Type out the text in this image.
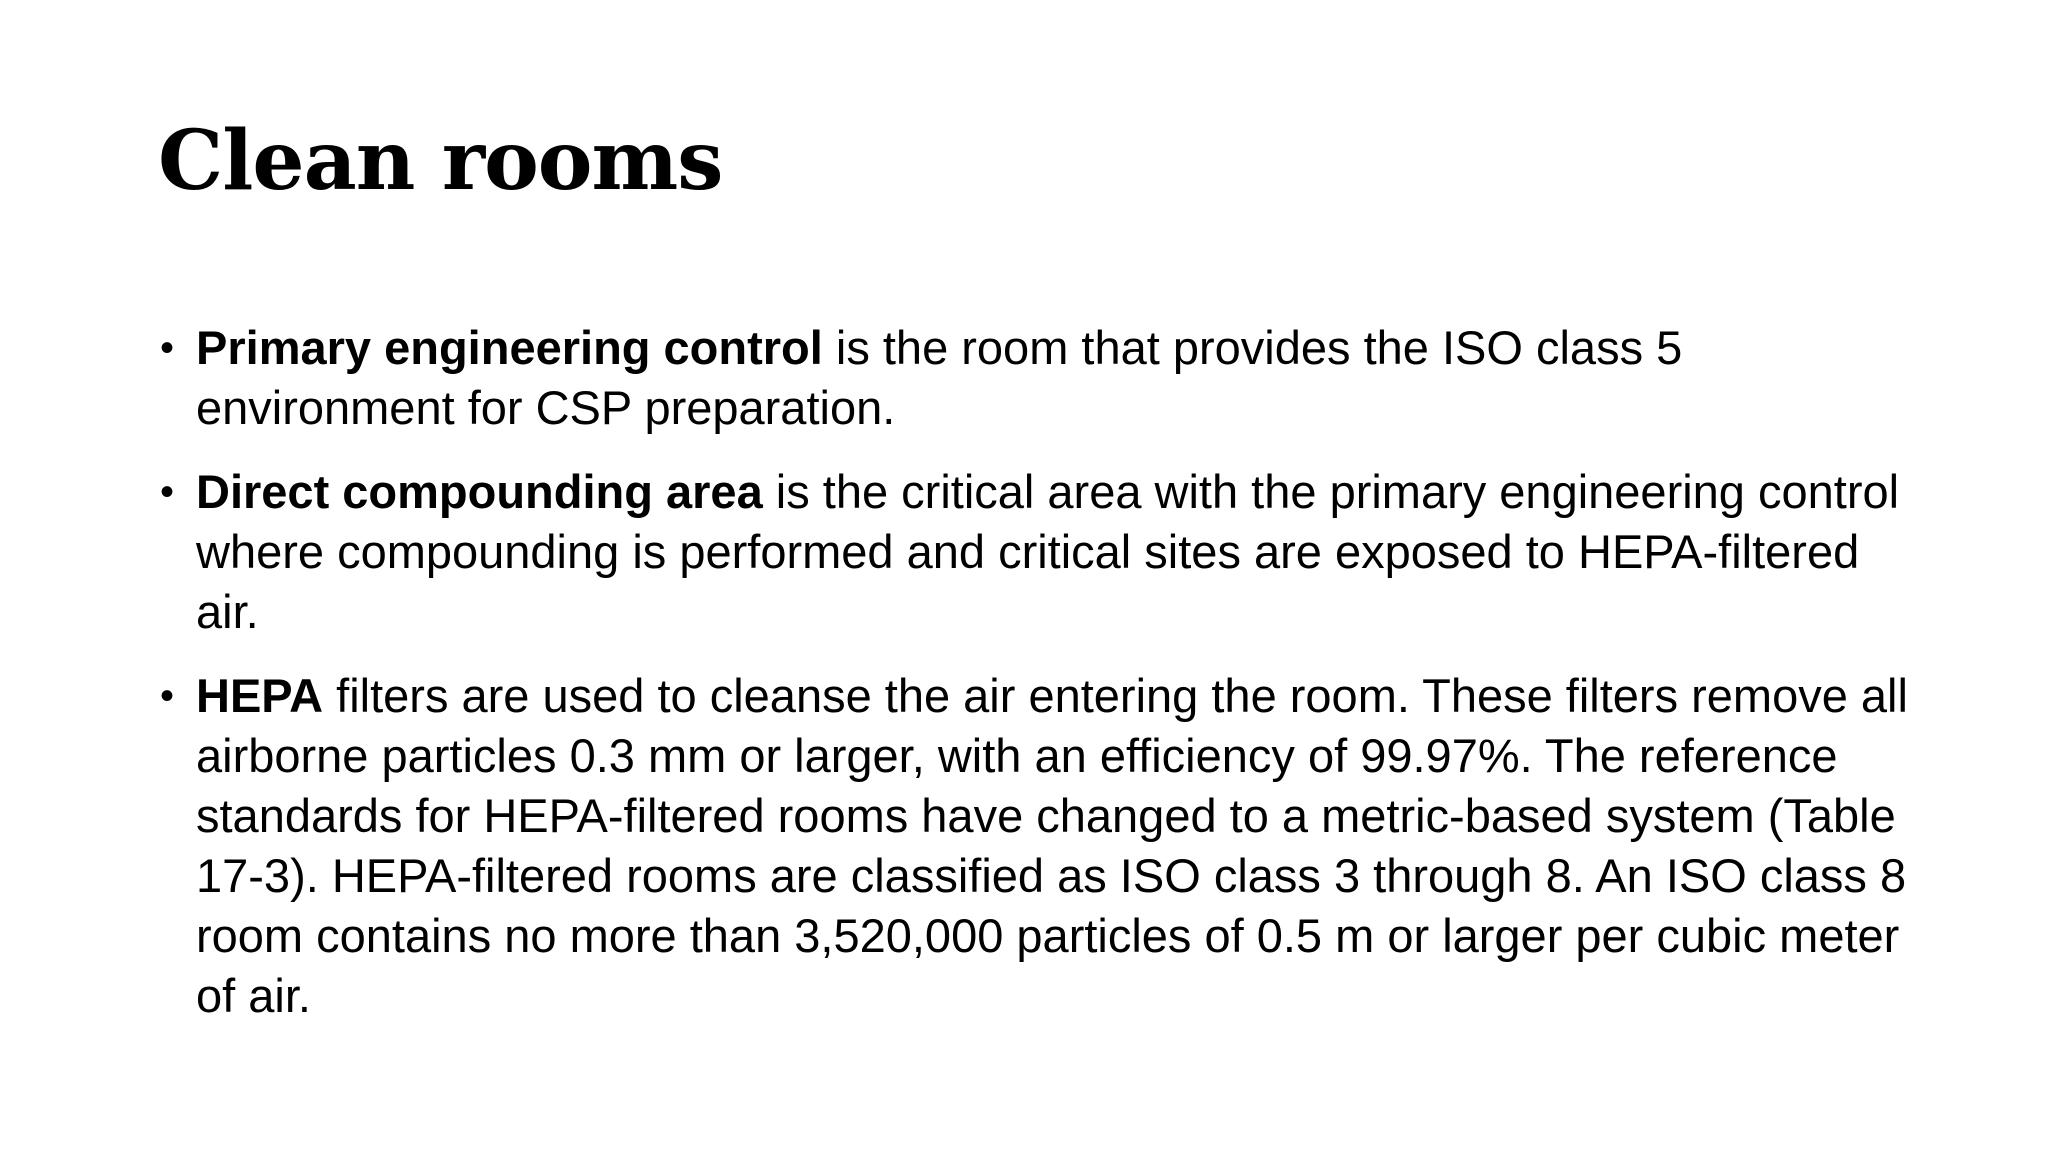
Clean rooms
• Primary engineering control is the room that provides the ISO class 5 environment for CSP preparation.
• Direct compounding area is the critical area with the primary engineering control where compounding is performed and critical sites are exposed to HEPA-filtered air.
• HEPA filters are used to cleanse the air entering the room. These filters remove all airborne particles 0.3 mm or larger, with an efficiency of 99.97%. The reference standards for HEPA-filtered rooms have changed to a metric-based system (Table 17-3). HEPA-filtered rooms are classified as ISO class 3 through 8. An ISO class 8 room contains no more than 3,520,000 particles of 0.5 m or larger per cubic meter of air.
